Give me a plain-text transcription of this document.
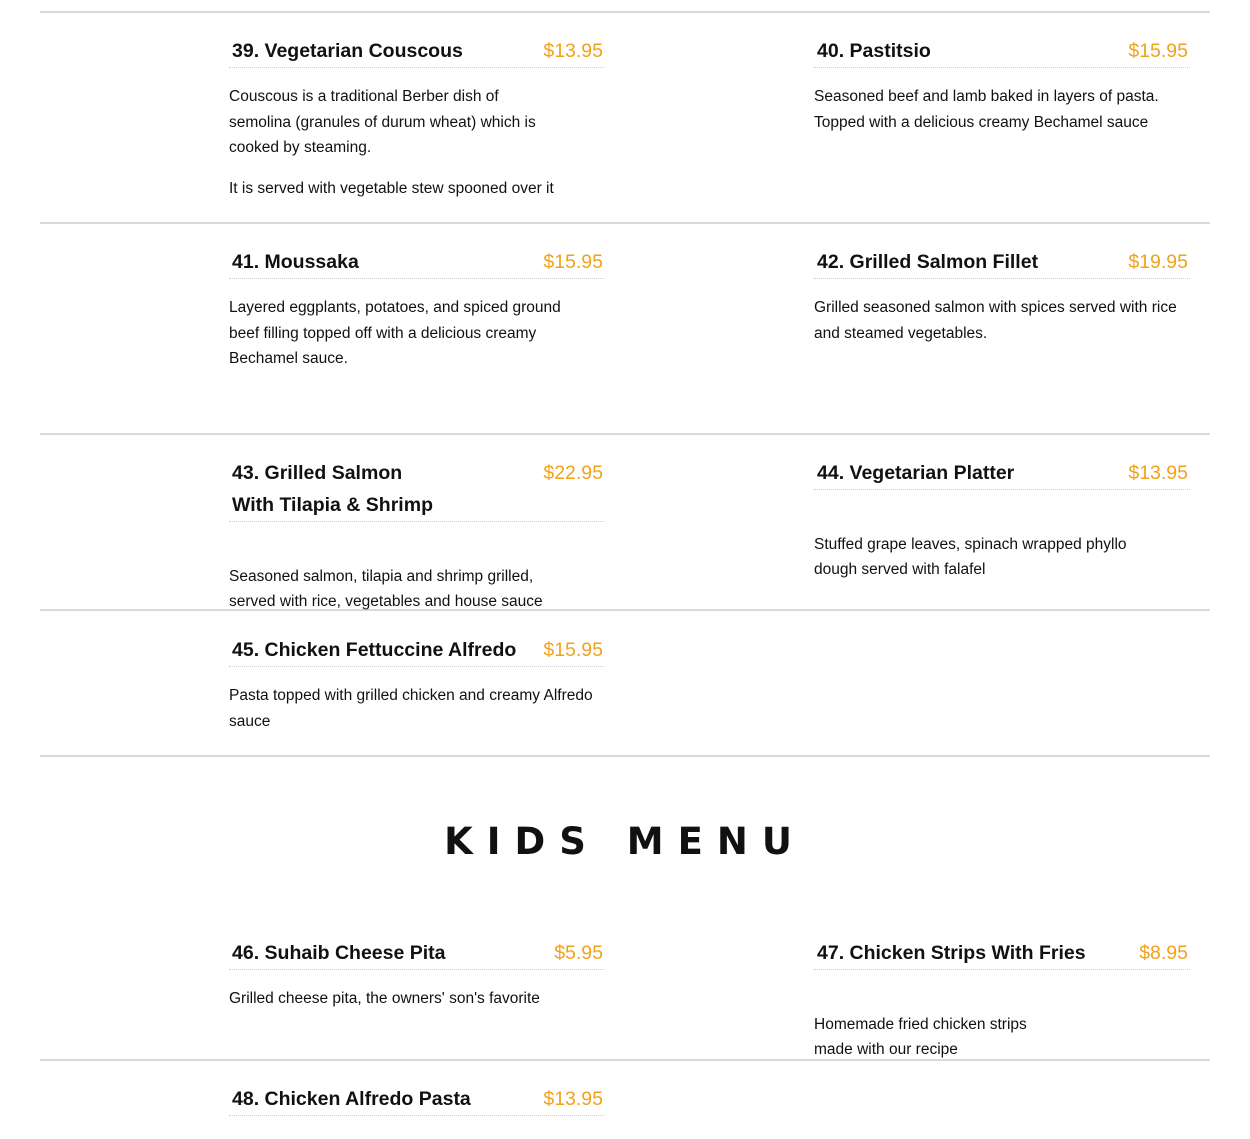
39. Vegetarian Couscous	$13.95

Couscous is a traditional Berber dish of semolina (granules of durum wheat) which is cooked by steaming.

It is served with vegetable stew spooned over it

40. Pastitsio	$15.95

Seasoned beef and lamb baked in layers of pasta. Topped with a delicious creamy Bechamel sauce

41. Moussaka	$15.95

Layered eggplants, potatoes, and spiced ground beef filling topped off with a delicious creamy Bechamel sauce.

42. Grilled Salmon Fillet	$19.95

Grilled seasoned salmon with spices served with rice and steamed vegetables.

43. Grilled Salmon
With Tilapia & Shrimp
$22.95

Seasoned salmon, tilapia and shrimp grilled,
served with rice, vegetables and house sauce

44. Vegetarian Platter	$13.95

Stuffed grape leaves, spinach wrapped phyllo
dough served with falafel

45. Chicken Fettuccine Alfredo	$15.95

Pasta topped with grilled chicken and creamy Alfredo sauce

KIDS MENU
46. Suhaib Cheese Pita	$5.95

Grilled cheese pita, the owners' son's favorite

47. Chicken Strips With Fries	$8.95

Homemade fried chicken strips
made with our recipe

48. Chicken Alfredo Pasta	$13.95
